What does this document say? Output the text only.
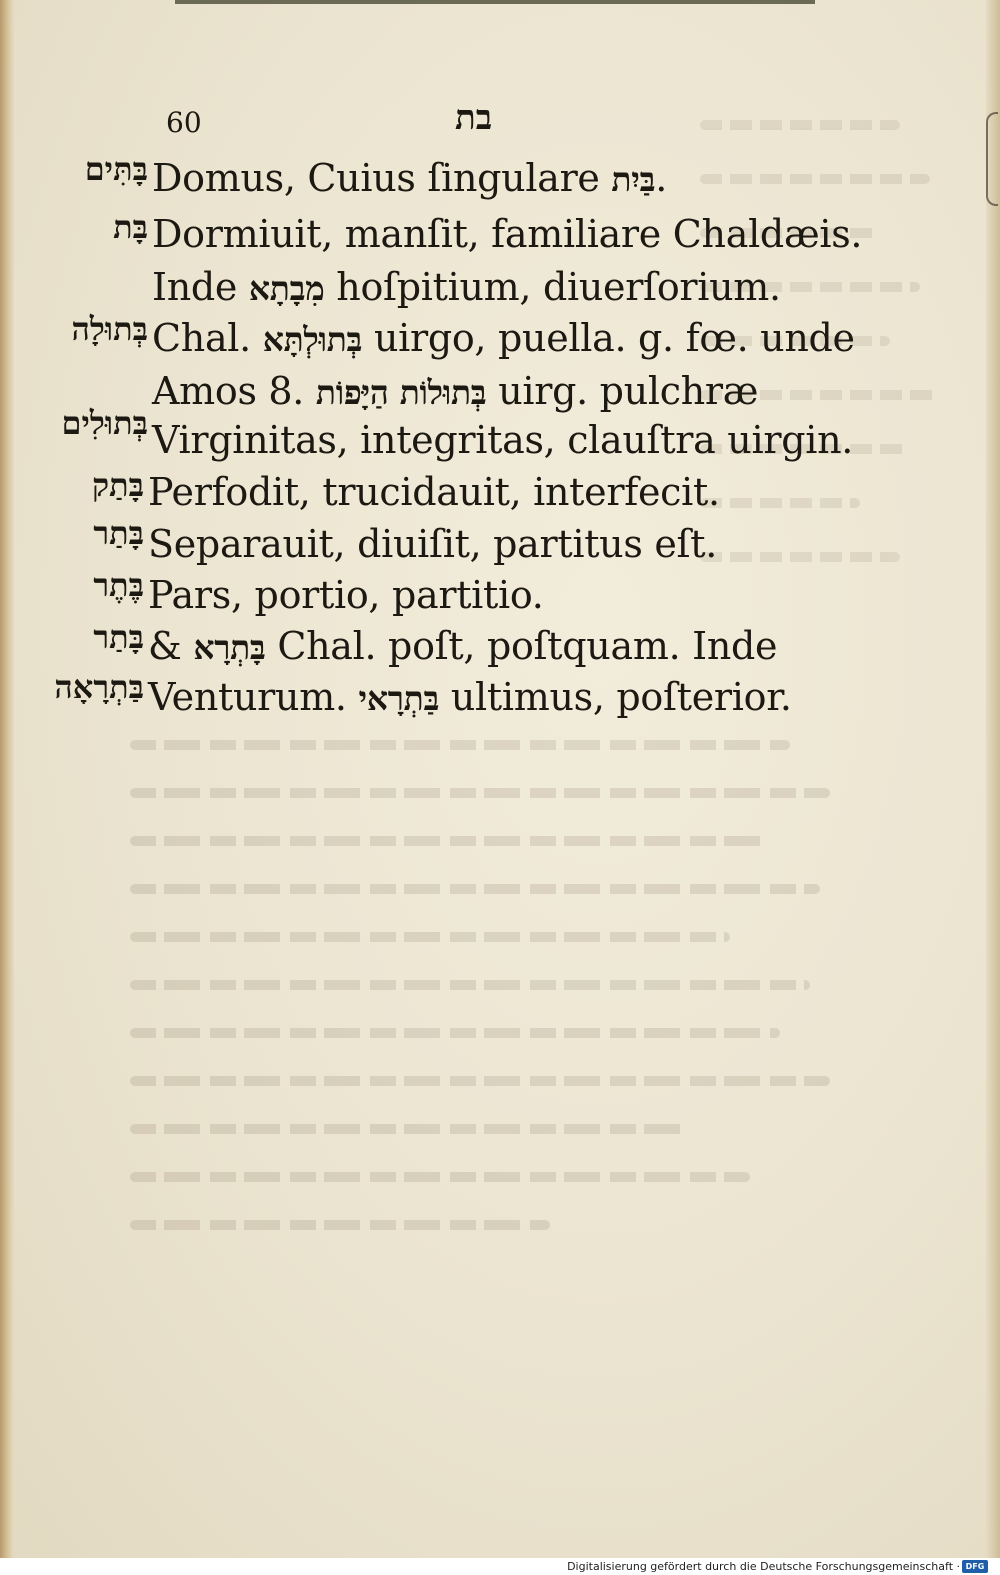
60	בת
בָּתִּים Domus, Cuius ſingulare בַּיִת.
בָּת Dormiuit, manſit, familiare Chaldæis.
Inde מִבָתָא hoſpitium, diuerſorium.
בְּתוּלָה Chal. בְּתוּלְתָּא uirgo, puella. g. fœ. unde
Amos 8. בְּתוּלוֹת הַיָּפוֹת uirg. pulchræ
בְּתוּלִים Virginitas, integritas, clauſtra uirgin.
בָּתַק Perfodit, trucidauit, interfecit.
בָּתַר Separauit, diuiſit, partitus eſt.
בֶּתֶר Pars, portio, partitio.
בָּתַר & בָּתְרָא Chal. poſt, poſtquam. Inde
בַּתְרָאָה Venturum. בַּתְרָאי ultimus, poſterior.
Digitalisierung gefördert durch die Deutsche Forschungsgemeinschaft · DFG
